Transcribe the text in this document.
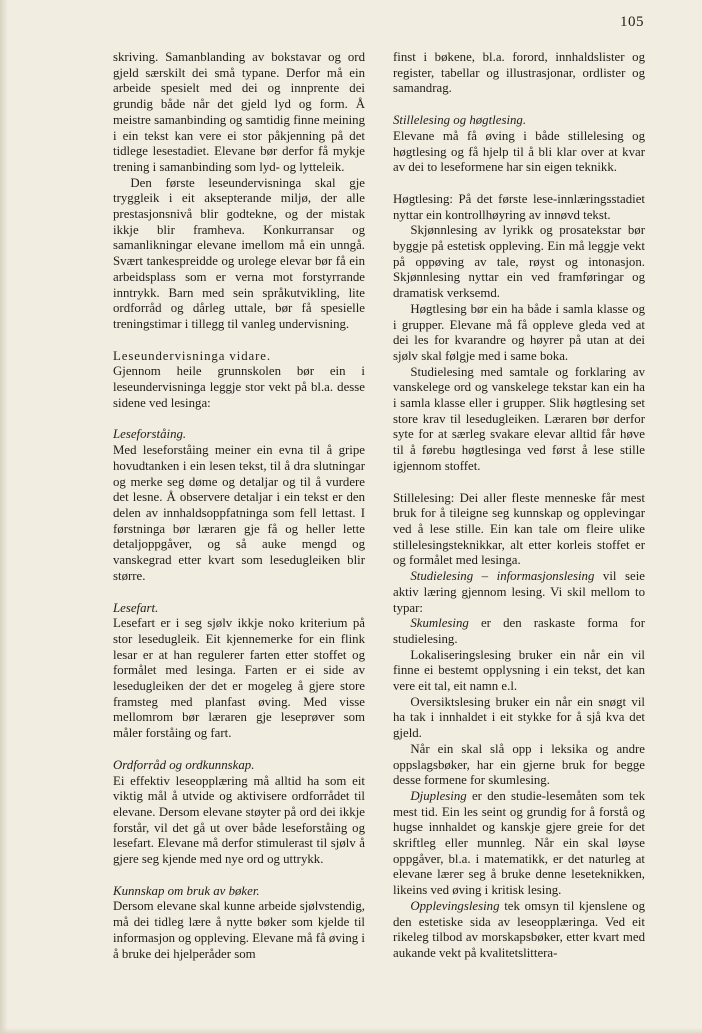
105

skriving. Samanblanding av bokstavar og ord gjeld særskilt dei små typane. Derfor må ein arbeide spesielt med dei og innprente dei grundig både når det gjeld lyd og form. Å meistre samanbinding og samtidig finne meining i ein tekst kan vere ei stor påkjenning på det tidlege lesestadiet. Elevane bør derfor få mykje trening i samanbinding som lyd- og lytteleik.

Den første leseundervisninga skal gje tryggleik i eit aksepterande miljø, der alle prestasjonsnivå blir godtekne, og der mistak ikkje blir framheva. Konkurransar og samanlikningar elevane imellom må ein unngå. Svært tankespreidde og urolege elevar bør få ein arbeidsplass som er verna mot forstyrrande inntrykk. Barn med sein språkutvikling, lite ordforråd og dårleg uttale, bør få spesielle treningstimar i tillegg til vanleg undervisning.

Leseundervisninga vidare.

Gjennom heile grunnskolen bør ein i leseundervisninga leggje stor vekt på bl.a. desse sidene ved lesinga:

Leseforståing.

Med leseforståing meiner ein evna til å gripe hovudtanken i ein lesen tekst, til å dra slutningar og merke seg døme og detaljar og til å vurdere det lesne. Å observere detaljar i ein tekst er den delen av innhaldsoppfatninga som fell lettast. I førstninga bør læraren gje få og heller lette detaljoppgåver, og så auke mengd og vanskegrad etter kvart som lesedugleiken blir større.

Lesefart.

Lesefart er i seg sjølv ikkje noko kriterium på stor lesedugleik. Eit kjennemerke for ein flink lesar er at han regulerer farten etter stoffet og formålet med lesinga. Farten er ei side av lesedugleiken der det er mogeleg å gjere store framsteg med planfast øving. Med visse mellomrom bør læraren gje leseprøver som måler forståing og fart.

Ordforråd og ordkunnskap.

Ei effektiv leseopplæring må alltid ha som eit viktig mål å utvide og aktivisere ordforrådet til elevane. Dersom elevane støyter på ord dei ikkje forstår, vil det gå ut over både leseforståing og lesefart. Elevane må derfor stimulerast til sjølv å gjere seg kjende med nye ord og uttrykk.

Kunnskap om bruk av bøker.

Dersom elevane skal kunne arbeide sjølvstendig, må dei tidleg lære å nytte bøker som kjelde til informasjon og oppleving. Elevane må få øving i å bruke dei hjelperåder som

finst i bøkene, bl.a. forord, innhaldslister og register, tabellar og illustrasjonar, ordlister og samandrag.

Stillelesing og høgtlesing.

Elevane må få øving i både stillelesing og høgtlesing og få hjelp til å bli klar over at kvar av dei to leseformene har sin eigen teknikk.

Høgtlesing: På det første lese-innlæringsstadiet nyttar ein kontrollhøyring av innøvd tekst.

Skjønnlesing av lyrikk og prosatekstar bør byggje på estetisk oppleving. Ein må leggje vekt på oppøving av tale, røyst og intonasjon. Skjønnlesing nyttar ein ved framføringar og dramatisk verksemd.

Høgtlesing bør ein ha både i samla klasse og i grupper. Elevane må få oppleve gleda ved at dei les for kvarandre og høyrer på utan at dei sjølv skal følgje med i same boka.

Studielesing med samtale og forklaring av vanskelege ord og vanskelege tekstar kan ein ha i samla klasse eller i grupper. Slik høgtlesing set store krav til lesedugleiken. Læraren bør derfor syte for at særleg svakare elevar alltid får høve til å førebu høgtlesinga ved først å lese stille igjennom stoffet.

Stillelesing: Dei aller fleste menneske får mest bruk for å tileigne seg kunnskap og opplevingar ved å lese stille. Ein kan tale om fleire ulike stillelesingsteknikkar, alt etter korleis stoffet er og formålet med lesinga.

Studielesing – informasjonslesing vil seie aktiv læring gjennom lesing. Vi skil mellom to typar:

Skumlesing er den raskaste forma for studielesing.

Lokaliseringslesing bruker ein når ein vil finne ei bestemt opplysning i ein tekst, det kan vere eit tal, eit namn e.l.

Oversiktslesing bruker ein når ein snøgt vil ha tak i innhaldet i eit stykke for å sjå kva det gjeld.

Når ein skal slå opp i leksika og andre oppslagsbøker, har ein gjerne bruk for begge desse formene for skumlesing.

Djuplesing er den studie-lesemåten som tek mest tid. Ein les seint og grundig for å forstå og hugse innhaldet og kanskje gjere greie for det skriftleg eller munnleg. Når ein skal løyse oppgåver, bl.a. i matematikk, er det naturleg at elevane lærer seg å bruke denne leseteknikken, likeins ved øving i kritisk lesing.

Opplevingslesing tek omsyn til kjenslene og den estetiske sida av leseopplæringa. Ved eit rikeleg tilbod av morskapsbøker, etter kvart med aukande vekt på kvalitetslittera-
